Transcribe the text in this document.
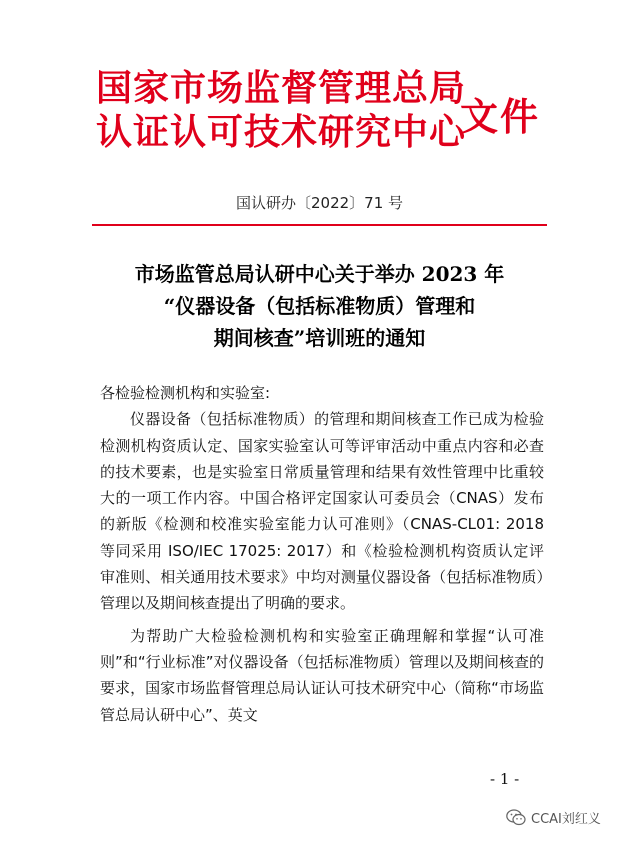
国家市场监督管理总局
认证认可技术研究中心
文件
国认研办〔2022〕71 号
市场监管总局认研中心关于举办 2023 年
“仪器设备（包括标准物质）管理和
期间核查”培训班的通知

各检验检测机构和实验室:

仪器设备（包括标准物质）的管理和期间核查工作已成为检验检测机构资质认定、国家实验室认可等评审活动中重点内容和必查的技术要素，也是实验室日常质量管理和结果有效性管理中比重较大的一项工作内容。中国合格评定国家认可委员会（CNAS）发布的新版《检测和校准实验室能力认可准则》（CNAS-CL01: 2018 等同采用 ISO/IEC 17025: 2017）和《检验检测机构资质认定评审准则、相关通用技术要求》中均对测量仪器设备（包括标准物质）管理以及期间核查提出了明确的要求。

为帮助广大检验检测机构和实验室正确理解和掌握“认可准则”和“行业标准”对仪器设备（包括标准物质）管理以及期间核查的要求，国家市场监督管理总局认证认可技术研究中心（简称“市场监管总局认研中心”、英文

- 1 -
CCAI刘红义
